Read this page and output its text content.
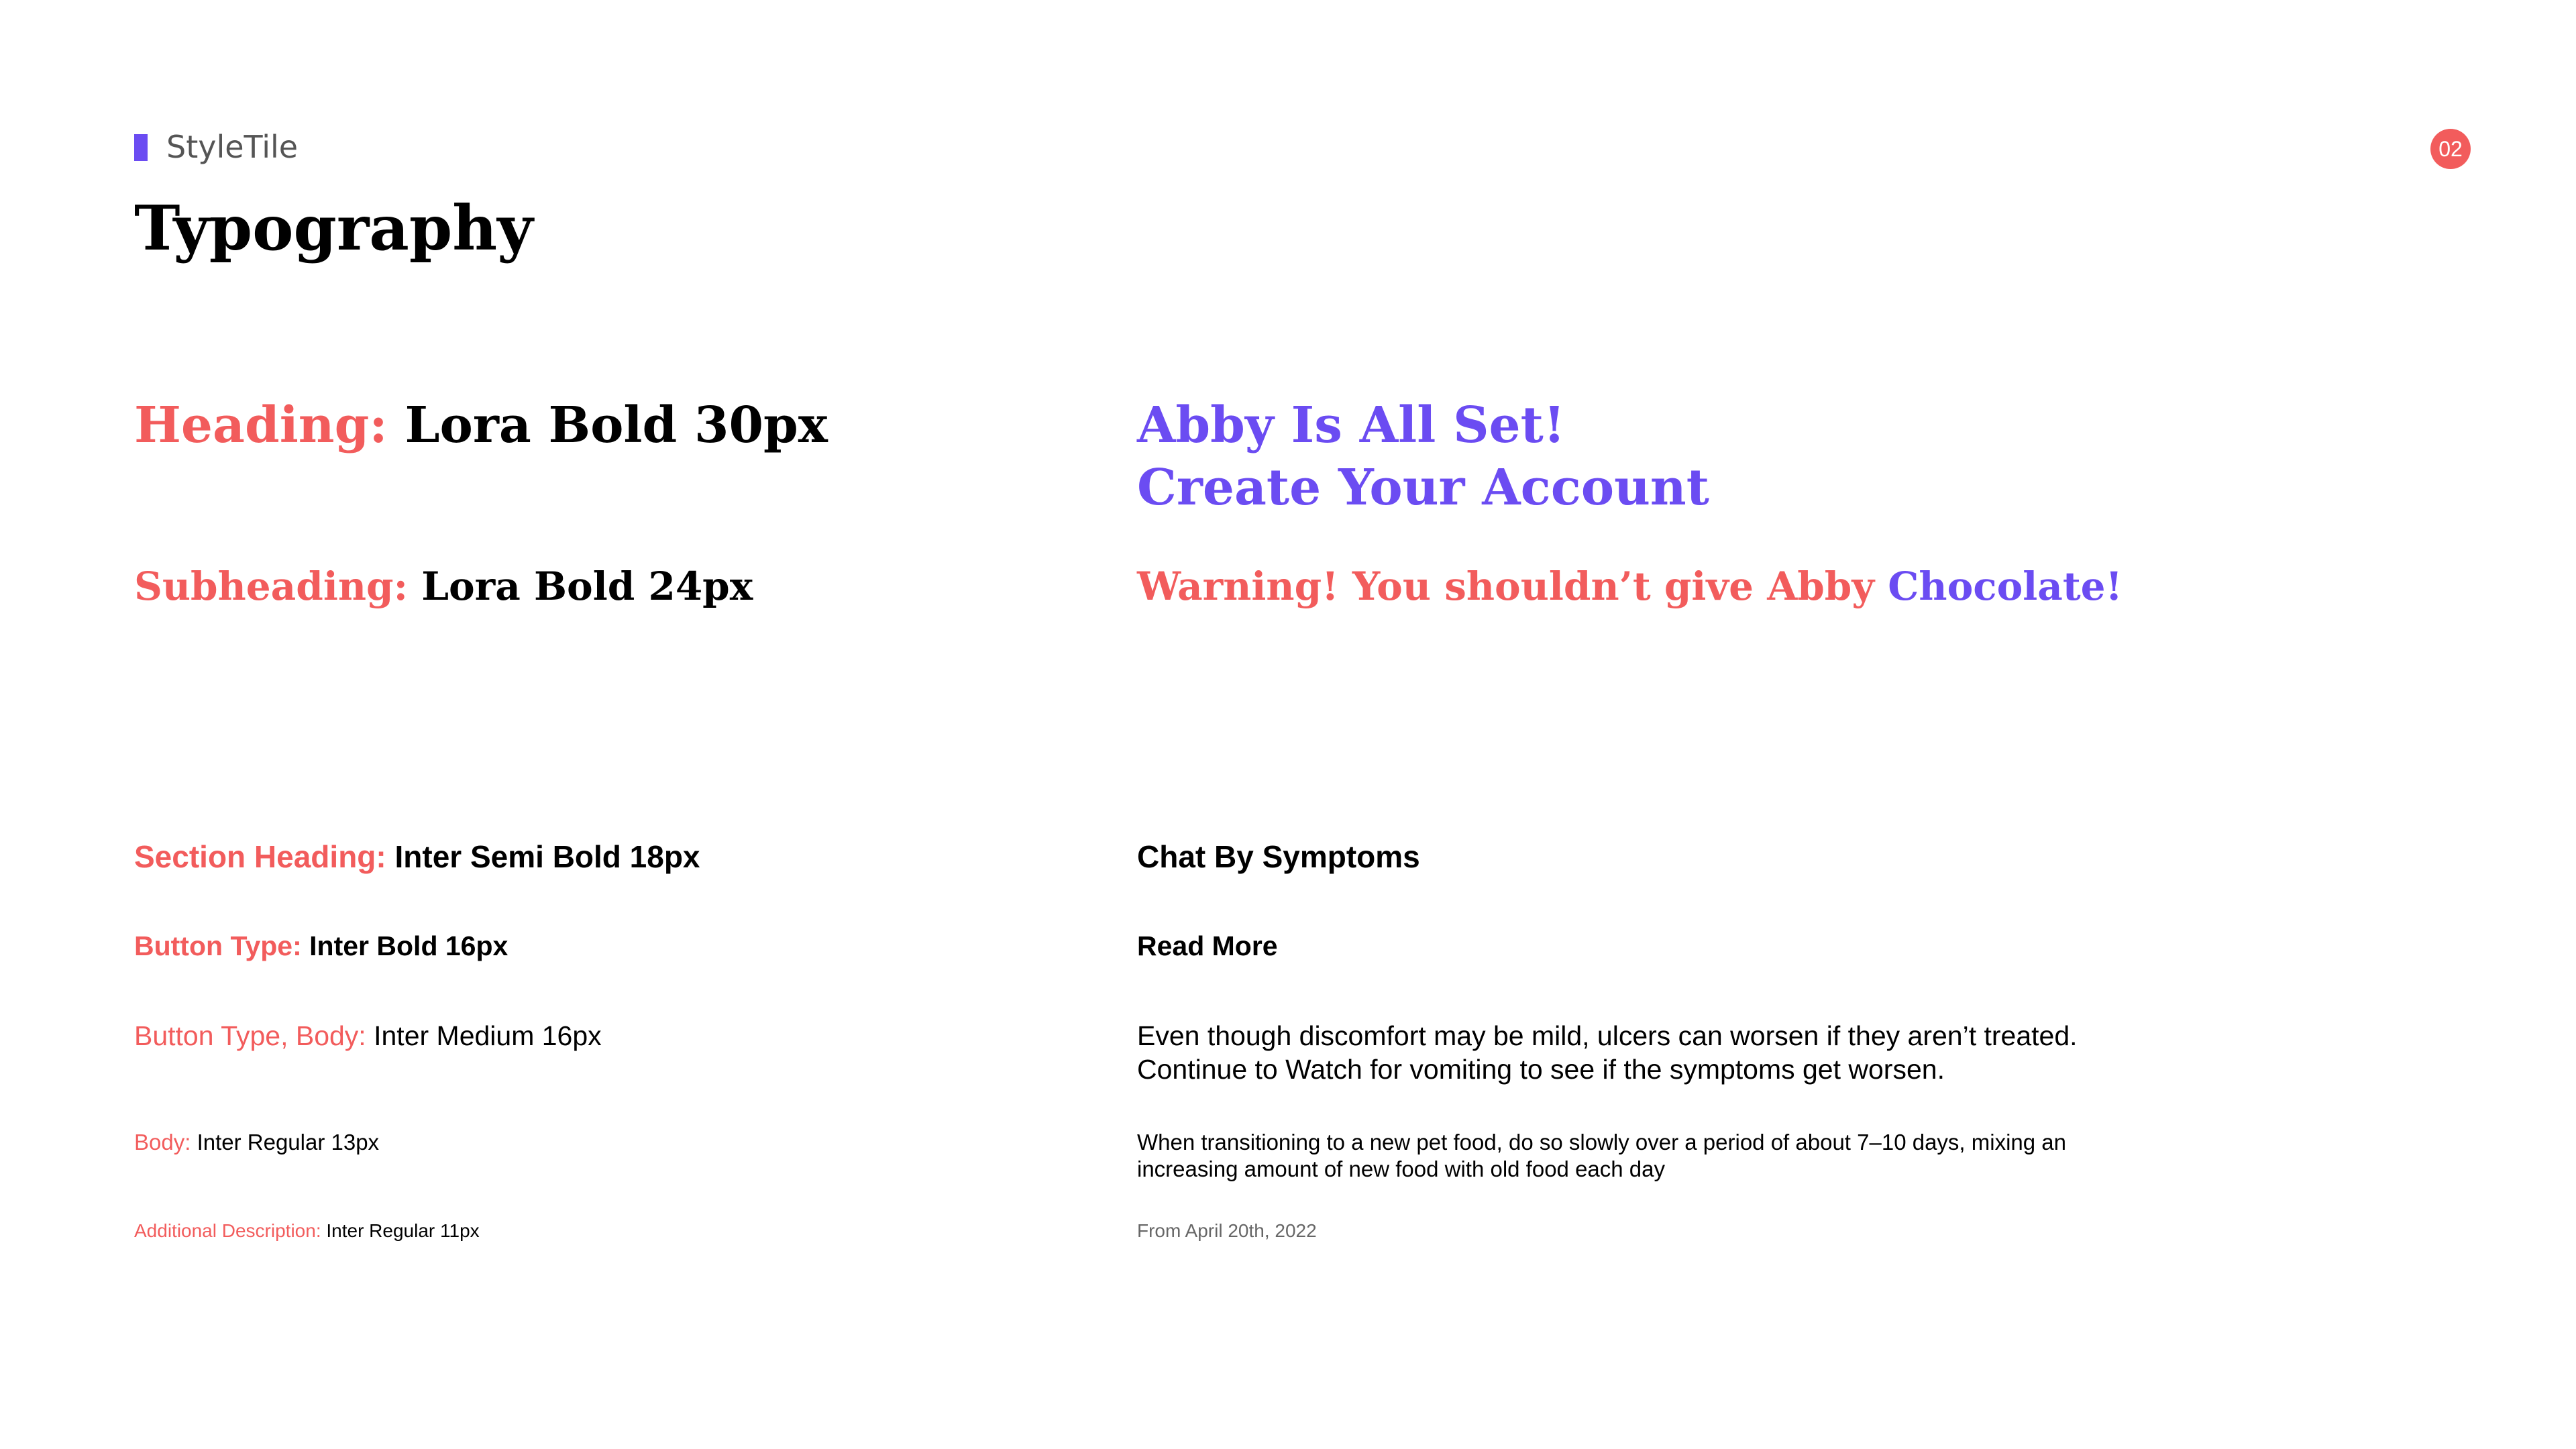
StyleTile
Typography
02
Heading: Lora Bold 30px	Abby Is All Set!
Create Your Account
Subheading: Lora Bold 24px	Warning! You shouldn’t give Abby Chocolate!
Section Heading: Inter Semi Bold 18px	Chat By Symptoms
Button Type: Inter Bold 16px	Read More
Button Type, Body: Inter Medium 16px	Even though discomfort may be mild, ulcers can worsen if they aren’t treated.
Continue to Watch for vomiting to see if the symptoms get worsen.
Body: Inter Regular 13px	When transitioning to a new pet food, do so slowly over a period of about 7–10 days, mixing an
increasing amount of new food with old food each day
Additional Description: Inter Regular 11px	From April 20th, 2022
